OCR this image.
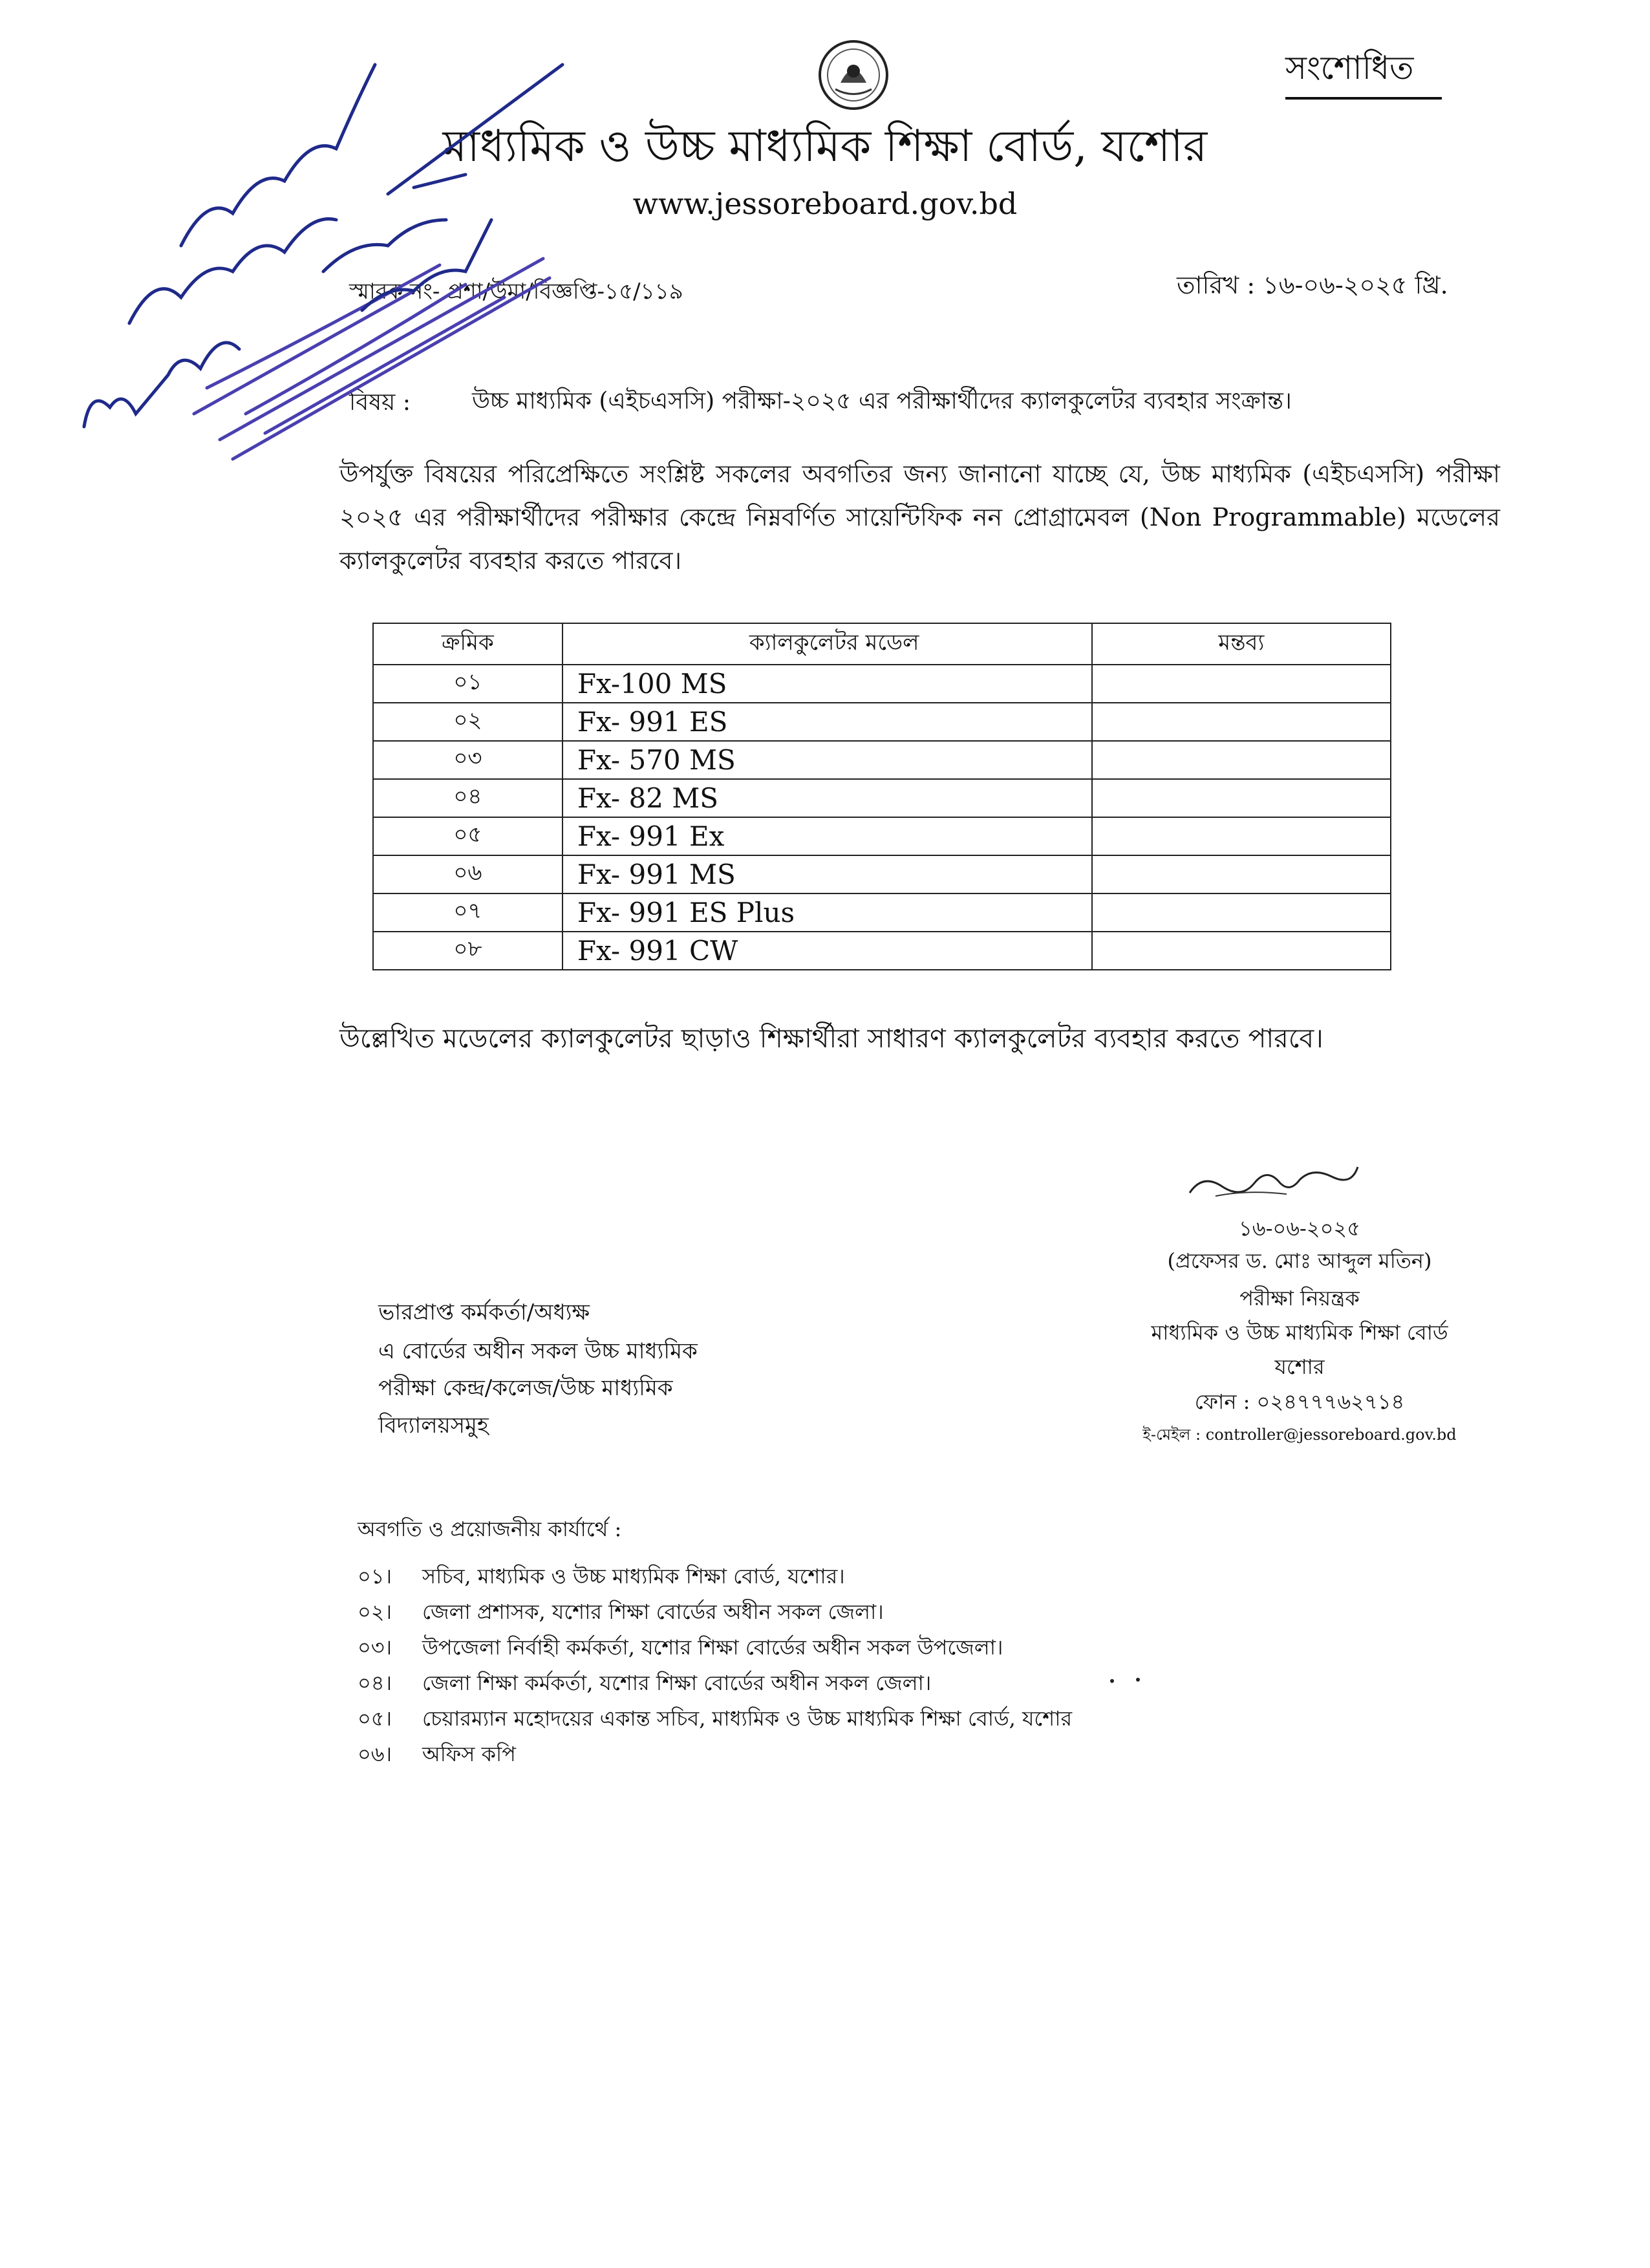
সংশোধিত
মাধ্যমিক ও উচ্চ মাধ্যমিক শিক্ষা বোর্ড, যশোর
www.jessoreboard.gov.bd
স্মারক নং- প্রশা/উমা/বিজ্ঞপ্তি-১৫/১১৯	তারিখ : ১৬-০৬-২০২৫ খ্রি.
বিষয় :	উচ্চ মাধ্যমিক (এইচএসসি) পরীক্ষা-২০২৫ এর পরীক্ষার্থীদের ক্যালকুলেটর ব্যবহার সংক্রান্ত।
উপর্যুক্ত বিষয়ের পরিপ্রেক্ষিতে সংশ্লিষ্ট সকলের অবগতির জন্য জানানো যাচ্ছে যে, উচ্চ মাধ্যমিক (এইচএসসি) পরীক্ষা ২০২৫ এর পরীক্ষার্থীদের পরীক্ষার কেন্দ্রে নিম্নবর্ণিত সায়েন্টিফিক নন প্রোগ্রামেবল (Non Programmable) মডেলের ক্যালকুলেটর ব্যবহার করতে পারবে।
ক্রমিক	ক্যালকুলেটর মডেল	মন্তব্য
০১	Fx-100 MS	
০২	Fx- 991 ES	
০৩	Fx- 570 MS	
০৪	Fx- 82 MS	
০৫	Fx- 991 Ex	
০৬	Fx- 991 MS	
০৭	Fx- 991 ES Plus	
০৮	Fx- 991 CW	
উল্লেখিত মডেলের ক্যালকুলেটর ছাড়াও শিক্ষার্থীরা সাধারণ ক্যালকুলেটর ব্যবহার করতে পারবে।
১৬-০৬-২০২৫
(প্রফেসর ড. মোঃ আব্দুল মতিন)
পরীক্ষা নিয়ন্ত্রক
মাধ্যমিক ও উচ্চ মাধ্যমিক শিক্ষা বোর্ড
যশোর
ফোন : ০২৪৭৭৭৬২৭১৪
ই-মেইল : controller@jessoreboard.gov.bd
ভারপ্রাপ্ত কর্মকর্তা/অধ্যক্ষ
এ বোর্ডের অধীন সকল উচ্চ মাধ্যমিক
পরীক্ষা কেন্দ্র/কলেজ/উচ্চ মাধ্যমিক
বিদ্যালয়সমুহ
অবগতি ও প্রয়োজনীয় কার্যার্থে :
০১। সচিব, মাধ্যমিক ও উচ্চ মাধ্যমিক শিক্ষা বোর্ড, যশোর।
০২। জেলা প্রশাসক, যশোর শিক্ষা বোর্ডের অধীন সকল জেলা।
০৩। উপজেলা নির্বাহী কর্মকর্তা, যশোর শিক্ষা বোর্ডের অধীন সকল উপজেলা।
০৪। জেলা শিক্ষা কর্মকর্তা, যশোর শিক্ষা বোর্ডের অধীন সকল জেলা।
০৫। চেয়ারম্যান মহোদয়ের একান্ত সচিব, মাধ্যমিক ও উচ্চ মাধ্যমিক শিক্ষা বোর্ড, যশোর
০৬। অফিস কপি
